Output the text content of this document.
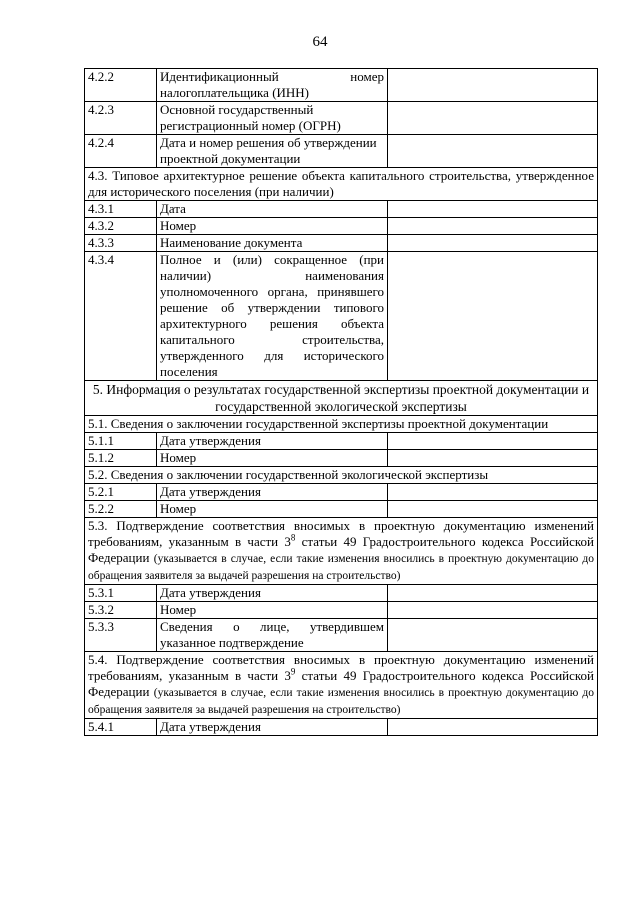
64
4.2.2	Идентификационный номер налогоплательщика (ИНН)	
4.2.3	Основной государственный регистрационный номер (ОГРН)	
4.2.4	Дата и номер решения об утверждении проектной документации	
4.3. Типовое архитектурное решение объекта капитального строительства, утвержденное для исторического поселения (при наличии)		
4.3.1	Дата	
4.3.2	Номер	
4.3.3	Наименование документа	
4.3.4	Полное и (или) сокращенное (при наличии) наименования уполномоченного органа, принявшего решение об утверждении типового архитектурного решения объекта капитального строительства, утвержденного для исторического поселения	
5. Информация о результатах государственной экспертизы проектной документации и государственной экологической экспертизы		
5.1. Сведения о заключении государственной экспертизы проектной документации		
5.1.1	Дата утверждения	
5.1.2	Номер	
5.2. Сведения о заключении государственной экологической экспертизы		
5.2.1	Дата утверждения	
5.2.2	Номер	
5.3. Подтверждение соответствия вносимых в проектную документацию изменений требованиям, указанным в части $3^8$ статьи 49 Градостроительного кодекса Российской Федерации (указывается в случае, если такие изменения вносились в проектную документацию до обращения заявителя за выдачей разрешения на строительство)		
5.3.1	Дата утверждения	
5.3.2	Номер	
5.3.3	Сведения о лице, утвердившем указанное подтверждение	
5.4. Подтверждение соответствия вносимых в проектную документацию изменений требованиям, указанным в части $3^9$ статьи 49 Градостроительного кодекса Российской Федерации (указывается в случае, если такие изменения вносились в проектную документацию до обращения заявителя за выдачей разрешения на строительство)		
5.4.1	Дата утверждения	
